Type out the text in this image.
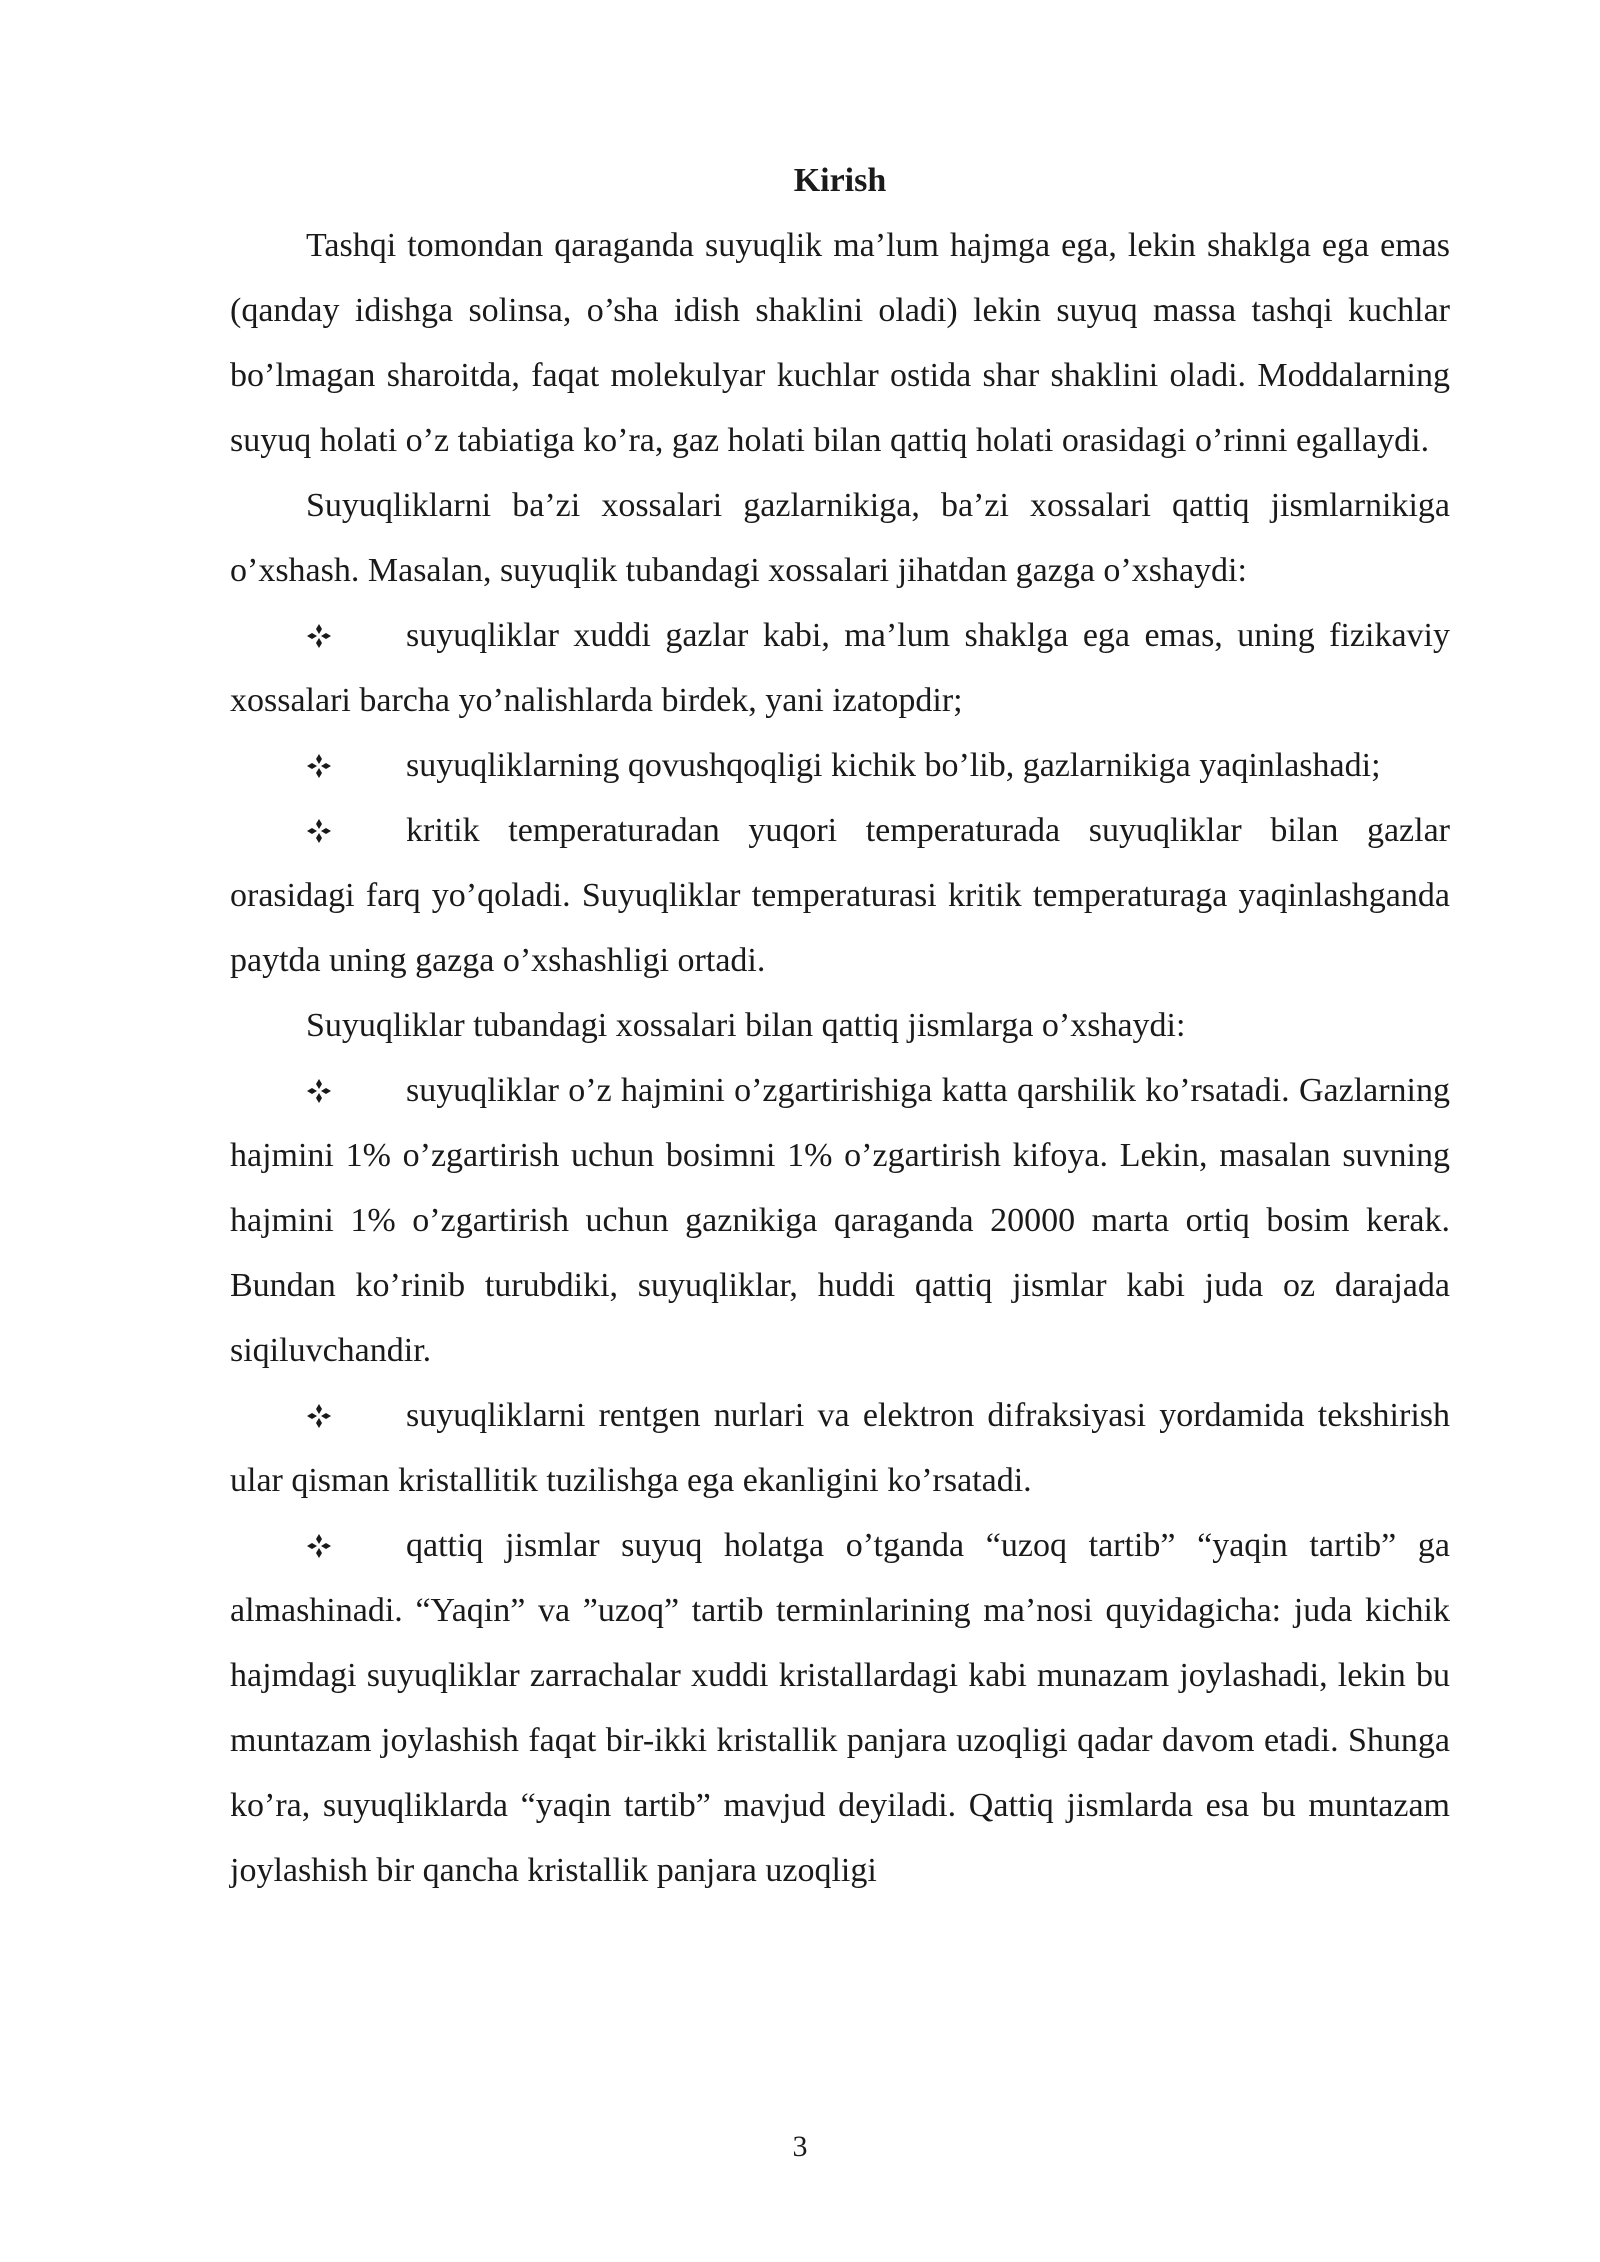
Kirish

Tashqi tomondan qaraganda suyuqlik ma’lum hajmga ega, lekin shaklga ega emas (qanday idishga solinsa, o’sha idish shaklini oladi) lekin suyuq massa tashqi kuchlar bo’lmagan sharoitda, faqat molekulyar kuchlar ostida shar shaklini oladi. Moddalarning suyuq holati o’z tabiatiga ko’ra, gaz holati bilan qattiq holati orasidagi o’rinni egallaydi.

Suyuqliklarni ba’zi xossalari gazlarnikiga, ba’zi xossalari qattiq jismlarnikiga o’xshash. Masalan, suyuqlik tubandagi xossalari jihatdan gazga o’xshaydi:

suyuqliklar xuddi gazlar kabi, ma’lum shaklga ega emas, uning fizikaviy xossalari barcha yo’nalishlarda birdek, yani izatopdir;

suyuqliklarning qovushqoqligi kichik bo’lib, gazlarnikiga yaqinlashadi;

kritik temperaturadan yuqori temperaturada suyuqliklar bilan gazlar orasidagi farq yo’qoladi. Suyuqliklar temperaturasi kritik temperaturaga yaqinlashganda paytda uning gazga o’xshashligi ortadi.

Suyuqliklar tubandagi xossalari bilan qattiq jismlarga o’xshaydi:

suyuqliklar o’z hajmini o’zgartirishiga katta qarshilik ko’rsatadi. Gazlarning hajmini 1% o’zgartirish uchun bosimni 1% o’zgartirish kifoya. Lekin, masalan suvning hajmini 1% o’zgartirish uchun gaznikiga qaraganda 20000 marta ortiq bosim kerak. Bundan ko’rinib turubdiki, suyuqliklar, huddi qattiq jismlar kabi juda oz darajada siqiluvchandir.

suyuqliklarni rentgen nurlari va elektron difraksiyasi yordamida tekshirish ular qisman kristallitik tuzilishga ega ekanligini ko’rsatadi.

qattiq jismlar suyuq holatga o’tganda “uzoq tartib” “yaqin tartib” ga almashinadi. “Yaqin” va ”uzoq” tartib terminlarining ma’nosi quyidagicha: juda kichik hajmdagi suyuqliklar zarrachalar xuddi kristallardagi kabi munazam joylashadi, lekin bu muntazam joylashish faqat bir-ikki kristallik panjara uzoqligi qadar davom etadi. Shunga ko’ra, suyuqliklarda “yaqin tartib” mavjud deyiladi. Qattiq jismlarda esa bu muntazam joylashish bir qancha kristallik panjara uzoqligi

3
